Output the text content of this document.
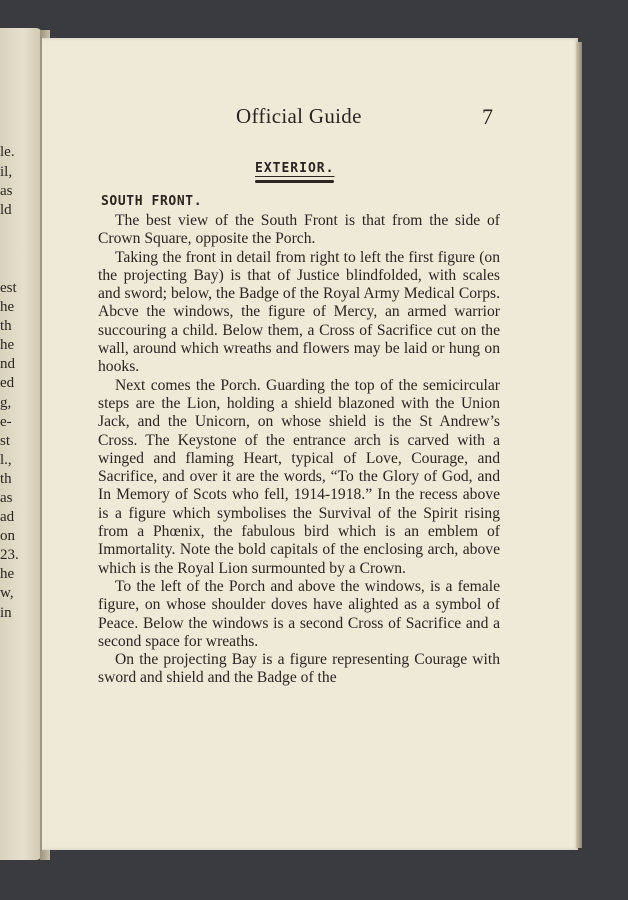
le.
il,
as
ld
est
he
th
he
nd
ed
g,
e-
st
l.,
th
as
ad
on
23.
he
w,
in
Official Guide	7
EXTERIOR.
SOUTH FRONT.

The best view of the South Front is that from the side of Crown Square, opposite the Porch.

Taking the front in detail from right to left the first figure (on the projecting Bay) is that of Justice blindfolded, with scales and sword; below, the Badge of the Royal Army Medical Corps. Abcve the windows, the figure of Mercy, an armed warrior succouring a child. Below them, a Cross of Sacrifice cut on the wall, around which wreaths and flowers may be laid or hung on hooks.

Next comes the Porch. Guarding the top of the semicircular steps are the Lion, holding a shield blazoned with the Union Jack, and the Unicorn, on whose shield is the St Andrew’s Cross. The Keystone of the entrance arch is carved with a winged and flaming Heart, typical of Love, Courage, and Sacrifice, and over it are the words, “To the Glory of God, and In Memory of Scots who fell, 1914-1918.” In the recess above is a figure which symbolises the Survival of the Spirit rising from a Phœnix, the fabulous bird which is an emblem of Immortality. Note the bold capitals of the enclosing arch, above which is the Royal Lion surmounted by a Crown.

To the left of the Porch and above the windows, is a female figure, on whose shoulder doves have alighted as a symbol of Peace. Below the windows is a second Cross of Sacrifice and a second space for wreaths.

On the projecting Bay is a figure representing Courage with sword and shield and the Badge of the
